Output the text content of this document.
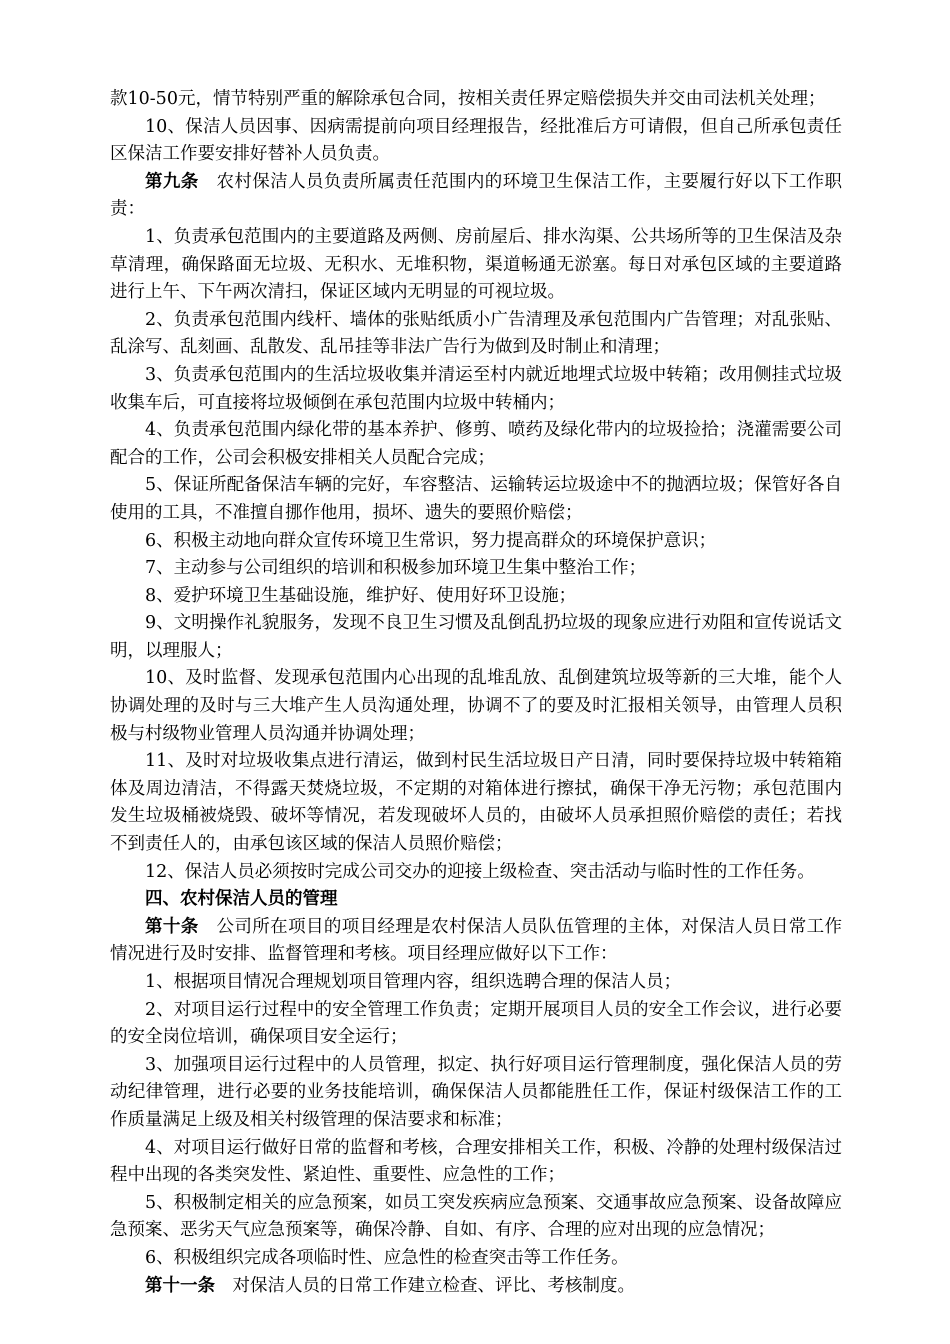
款10-50元，情节特别严重的解除承包合同，按相关责任界定赔偿损失并交由司法机关处理；

10、保洁人员因事、因病需提前向项目经理报告，经批准后方可请假，但自己所承包责任区保洁工作要安排好替补人员负责。

第九条 农村保洁人员负责所属责任范围内的环境卫生保洁工作，主要履行好以下工作职责：

1、负责承包范围内的主要道路及两侧、房前屋后、排水沟渠、公共场所等的卫生保洁及杂草清理，确保路面无垃圾、无积水、无堆积物，渠道畅通无淤塞。每日对承包区域的主要道路进行上午、下午两次清扫，保证区域内无明显的可视垃圾。

2、负责承包范围内线杆、墙体的张贴纸质小广告清理及承包范围内广告管理；对乱张贴、乱涂写、乱刻画、乱散发、乱吊挂等非法广告行为做到及时制止和清理；

3、负责承包范围内的生活垃圾收集并清运至村内就近地埋式垃圾中转箱；改用侧挂式垃圾收集车后，可直接将垃圾倾倒在承包范围内垃圾中转桶内；

4、负责承包范围内绿化带的基本养护、修剪、喷药及绿化带内的垃圾捡拾；浇灌需要公司配合的工作，公司会积极安排相关人员配合完成；

5、保证所配备保洁车辆的完好，车容整洁、运输转运垃圾途中不的抛洒垃圾；保管好各自使用的工具，不准擅自挪作他用，损坏、遗失的要照价赔偿；

6、积极主动地向群众宣传环境卫生常识，努力提高群众的环境保护意识；

7、主动参与公司组织的培训和积极参加环境卫生集中整治工作；

8、爱护环境卫生基础设施，维护好、使用好环卫设施；

9、文明操作礼貌服务，发现不良卫生习惯及乱倒乱扔垃圾的现象应进行劝阻和宣传说话文明，以理服人；

10、及时监督、发现承包范围内心出现的乱堆乱放、乱倒建筑垃圾等新的三大堆，能个人协调处理的及时与三大堆产生人员沟通处理，协调不了的要及时汇报相关领导，由管理人员积极与村级物业管理人员沟通并协调处理；

11、及时对垃圾收集点进行清运，做到村民生活垃圾日产日清，同时要保持垃圾中转箱箱体及周边清洁，不得露天焚烧垃圾，不定期的对箱体进行擦拭，确保干净无污物；承包范围内发生垃圾桶被烧毁、破坏等情况，若发现破坏人员的，由破坏人员承担照价赔偿的责任；若找不到责任人的，由承包该区域的保洁人员照价赔偿；

12、保洁人员必须按时完成公司交办的迎接上级检查、突击活动与临时性的工作任务。

四、农村保洁人员的管理

第十条 公司所在项目的项目经理是农村保洁人员队伍管理的主体，对保洁人员日常工作情况进行及时安排、监督管理和考核。项目经理应做好以下工作：

1、根据项目情况合理规划项目管理内容，组织选聘合理的保洁人员；

2、对项目运行过程中的安全管理工作负责；定期开展项目人员的安全工作会议，进行必要的安全岗位培训，确保项目安全运行；

3、加强项目运行过程中的人员管理，拟定、执行好项目运行管理制度，强化保洁人员的劳动纪律管理，进行必要的业务技能培训，确保保洁人员都能胜任工作，保证村级保洁工作的工作质量满足上级及相关村级管理的保洁要求和标准；

4、对项目运行做好日常的监督和考核，合理安排相关工作，积极、冷静的处理村级保洁过程中出现的各类突发性、紧迫性、重要性、应急性的工作；

5、积极制定相关的应急预案，如员工突发疾病应急预案、交通事故应急预案、设备故障应急预案、恶劣天气应急预案等，确保冷静、自如、有序、合理的应对出现的应急情况；

6、积极组织完成各项临时性、应急性的检查突击等工作任务。

第十一条 对保洁人员的日常工作建立检查、评比、考核制度。
